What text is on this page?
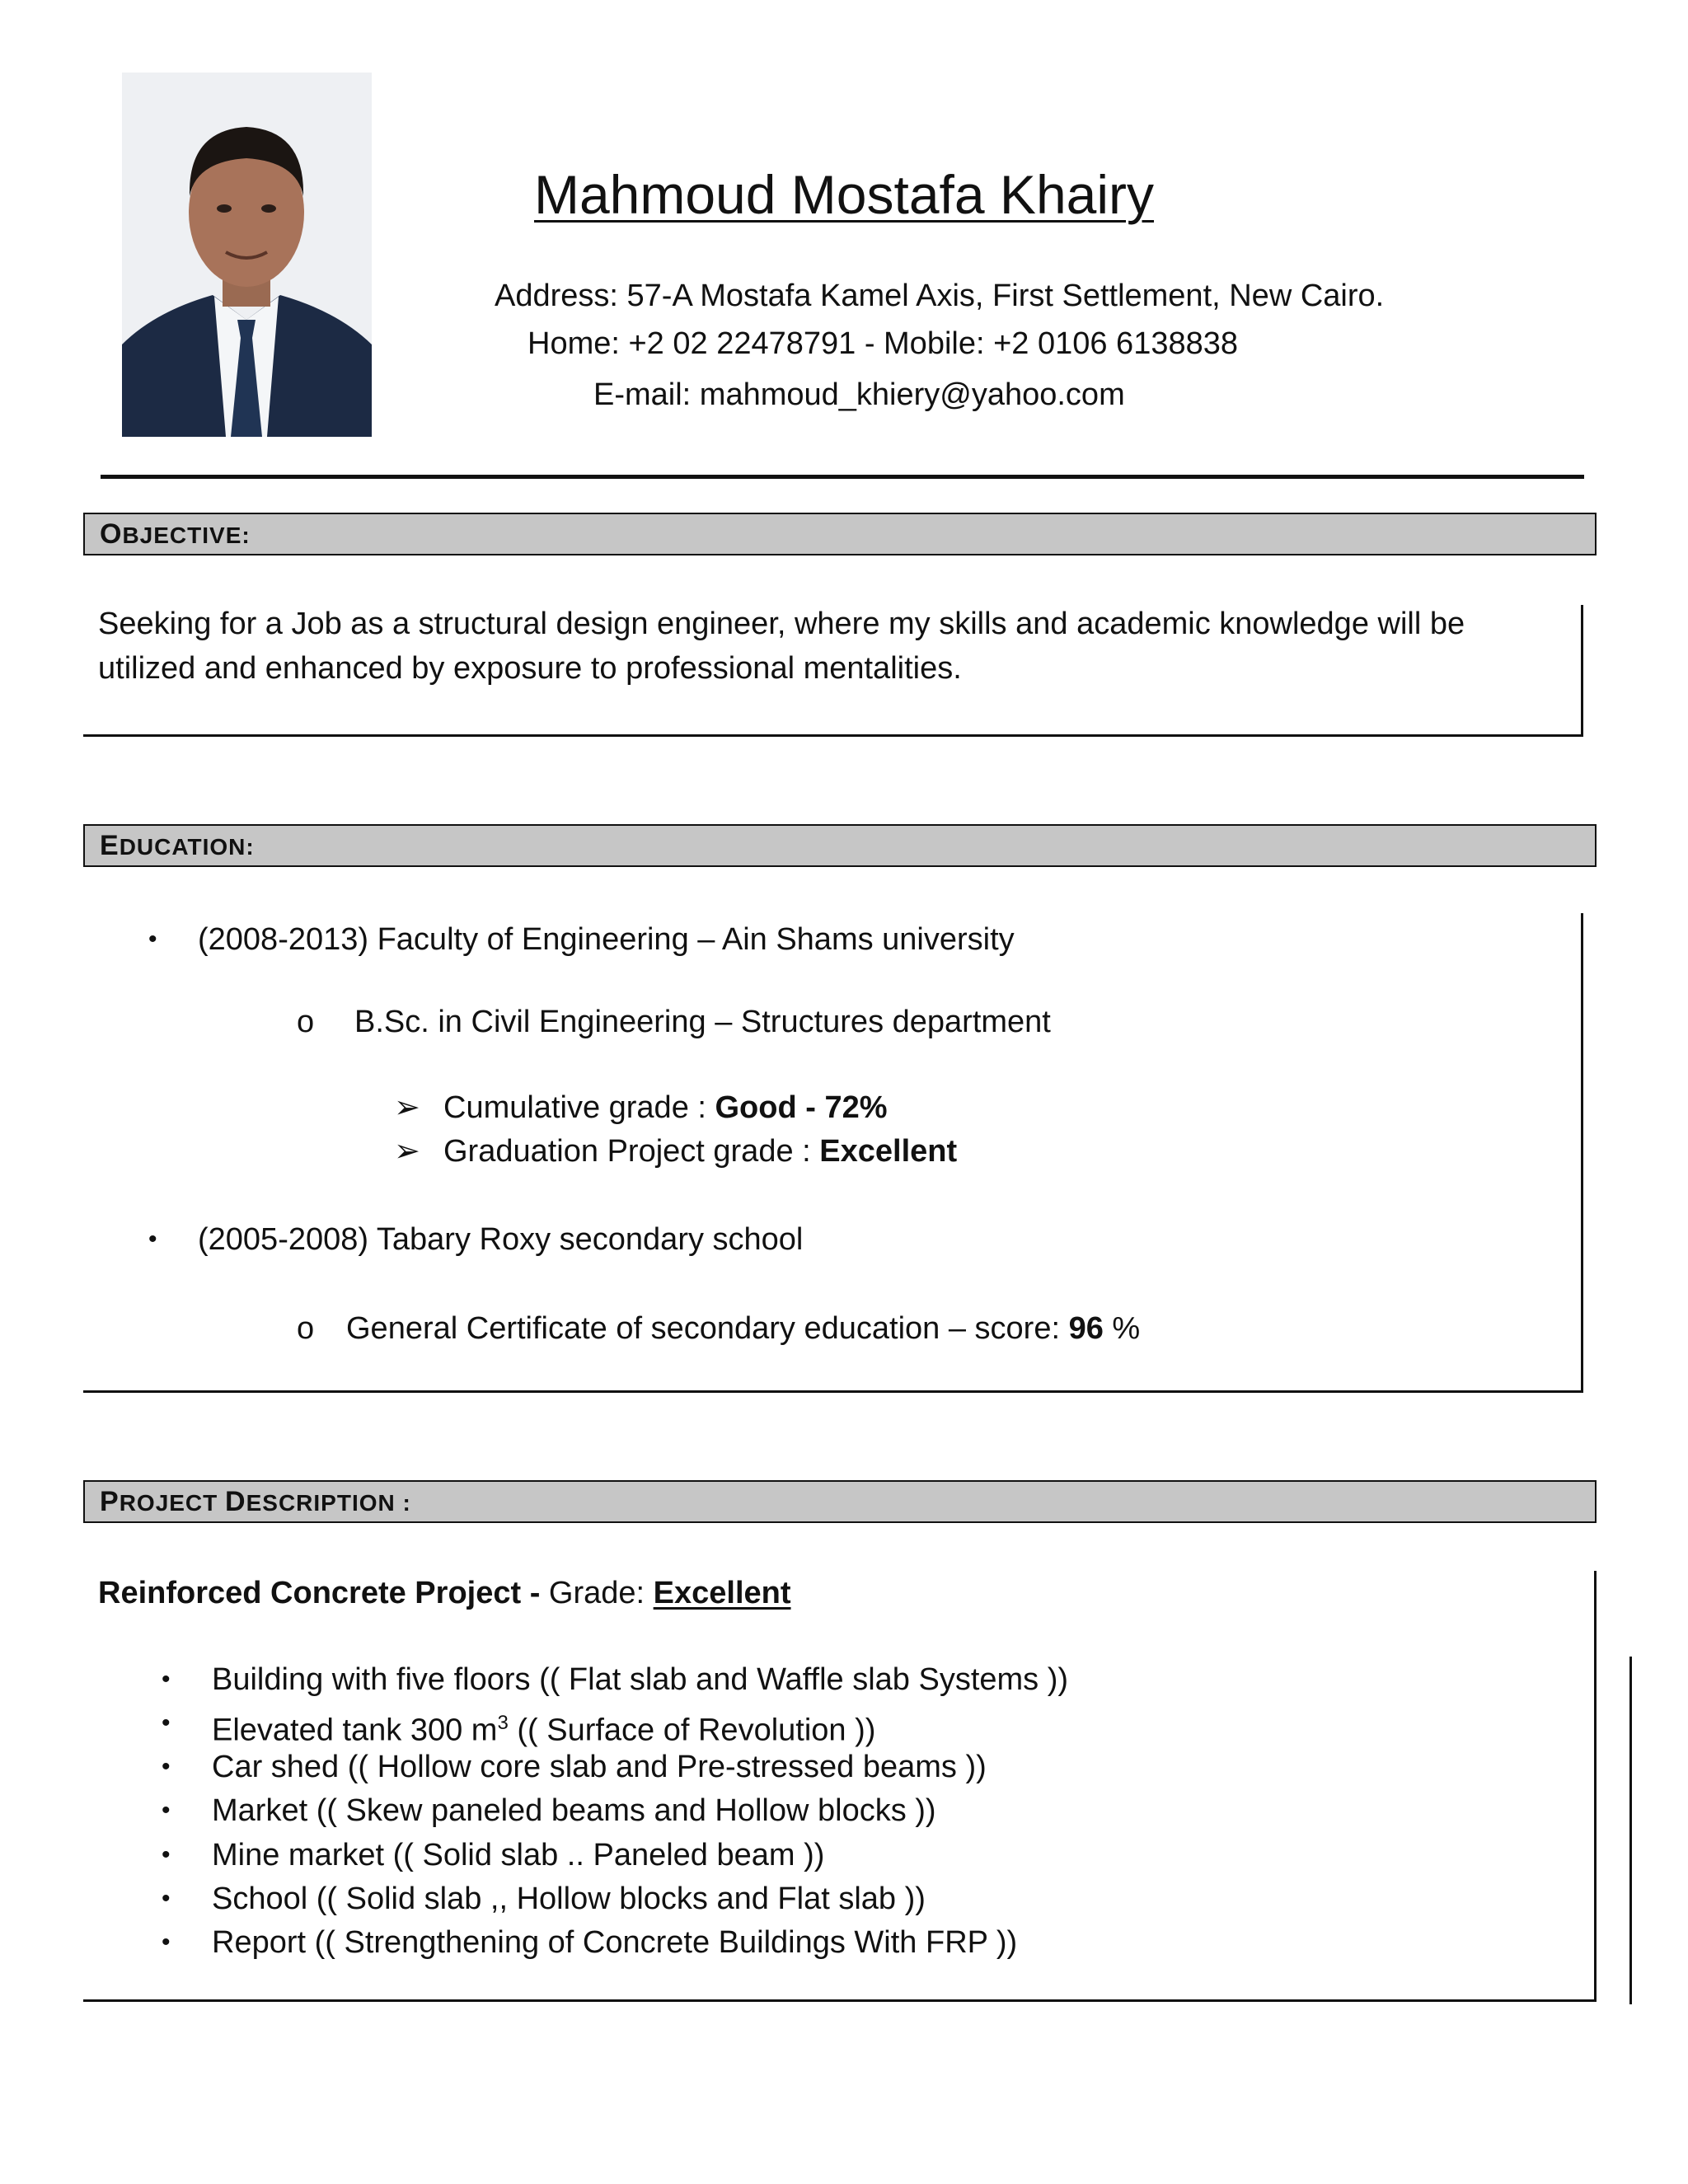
Mahmoud Mostafa Khairy
Address: 57-A Mostafa Kamel Axis, First Settlement, New Cairo.
Home: +2 02 22478791 - Mobile: +2 0106 6138838
E-mail: mahmoud_khiery@yahoo.com
OBJECTIVE:
Seeking for a Job as a structural design engineer, where my skills and academic knowledge will be utilized and enhanced by exposure to professional mentalities.
EDUCATION:
• (2008-2013) Faculty of Engineering – Ain Shams university
o B.Sc. in Civil Engineering – Structures department
➢ Cumulative grade : Good - 72%
➢ Graduation Project grade : Excellent
• (2005-2008) Tabary Roxy secondary school
o General Certificate of secondary education – score: 96 %
PROJECT DESCRIPTION :
Reinforced Concrete Project - Grade: Excellent
• Building with five floors (( Flat slab and Waffle slab Systems ))
• Elevated tank 300 $m^3$ (( Surface of Revolution ))
• Car shed (( Hollow core slab and Pre-stressed beams ))
• Market (( Skew paneled beams and Hollow blocks ))
• Mine market (( Solid slab .. Paneled beam ))
• School (( Solid slab ,, Hollow blocks and Flat slab ))
• Report (( Strengthening of Concrete Buildings With FRP ))
